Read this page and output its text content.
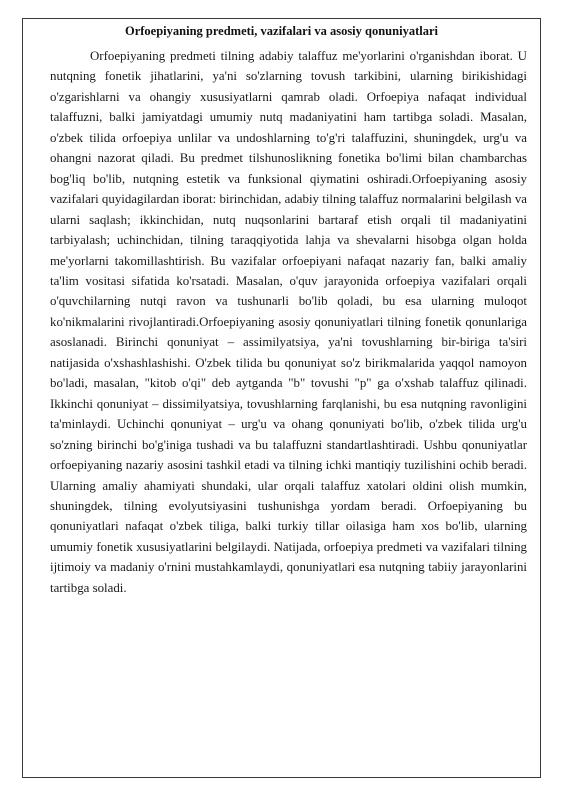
Orfoepiyaning predmeti, vazifalari va asosiy qonuniyatlari

Orfoepiyaning predmeti tilning adabiy talaffuz me'yorlarini o'rganishdan iborat. U nutqning fonetik jihatlarini, ya'ni so'zlarning tovush tarkibini, ularning birikishidagi o'zgarishlarni va ohangiy xususiyatlarni qamrab oladi. Orfoepiya nafaqat individual talaffuzni, balki jamiyatdagi umumiy nutq madaniyatini ham tartibga soladi. Masalan, o'zbek tilida orfoepiya unlilar va undoshlarning to'g'ri talaffuzini, shuningdek, urg'u va ohangni nazorat qiladi. Bu predmet tilshunoslikning fonetika bo'limi bilan chambarchas bog'liq bo'lib, nutqning estetik va funksional qiymatini oshiradi.Orfoepiyaning asosiy vazifalari quyidagilardan iborat: birinchidan, adabiy tilning talaffuz normalarini belgilash va ularni saqlash; ikkinchidan, nutq nuqsonlarini bartaraf etish orqali til madaniyatini tarbiyalash; uchinchidan, tilning taraqqiyotida lahja va shevalarni hisobga olgan holda me'yorlarni takomillashtirish. Bu vazifalar orfoepiyani nafaqat nazariy fan, balki amaliy ta'lim vositasi sifatida ko'rsatadi. Masalan, o'quv jarayonida orfoepiya vazifalari orqali o'quvchilarning nutqi ravon va tushunarli bo'lib qoladi, bu esa ularning muloqot ko'nikmalarini rivojlantiradi.Orfoepiyaning asosiy qonuniyatlari tilning fonetik qonunlariga asoslanadi. Birinchi qonuniyat – assimilyatsiya, ya'ni tovushlarning bir-biriga ta'siri natijasida o'xshashlashishi. O'zbek tilida bu qonuniyat so'z birikmalarida yaqqol namoyon bo'ladi, masalan, "kitob o'qi" deb aytganda "b" tovushi "p" ga o'xshab talaffuz qilinadi. Ikkinchi qonuniyat – dissimilyatsiya, tovushlarning farqlanishi, bu esa nutqning ravonligini ta'minlaydi. Uchinchi qonuniyat – urg'u va ohang qonuniyati bo'lib, o'zbek tilida urg'u so'zning birinchi bo'g'iniga tushadi va bu talaffuzni standartlashtiradi. Ushbu qonuniyatlar orfoepiyaning nazariy asosini tashkil etadi va tilning ichki mantiqiy tuzilishini ochib beradi. Ularning amaliy ahamiyati shundaki, ular orqali talaffuz xatolari oldini olish mumkin, shuningdek, tilning evolyutsiyasini tushunishga yordam beradi. Orfoepiyaning bu qonuniyatlari nafaqat o'zbek tiliga, balki turkiy tillar oilasiga ham xos bo'lib, ularning umumiy fonetik xususiyatlarini belgilaydi. Natijada, orfoepiya predmeti va vazifalari tilning ijtimoiy va madaniy o'rnini mustahkamlaydi, qonuniyatlari esa nutqning tabiiy jarayonlarini tartibga soladi.
